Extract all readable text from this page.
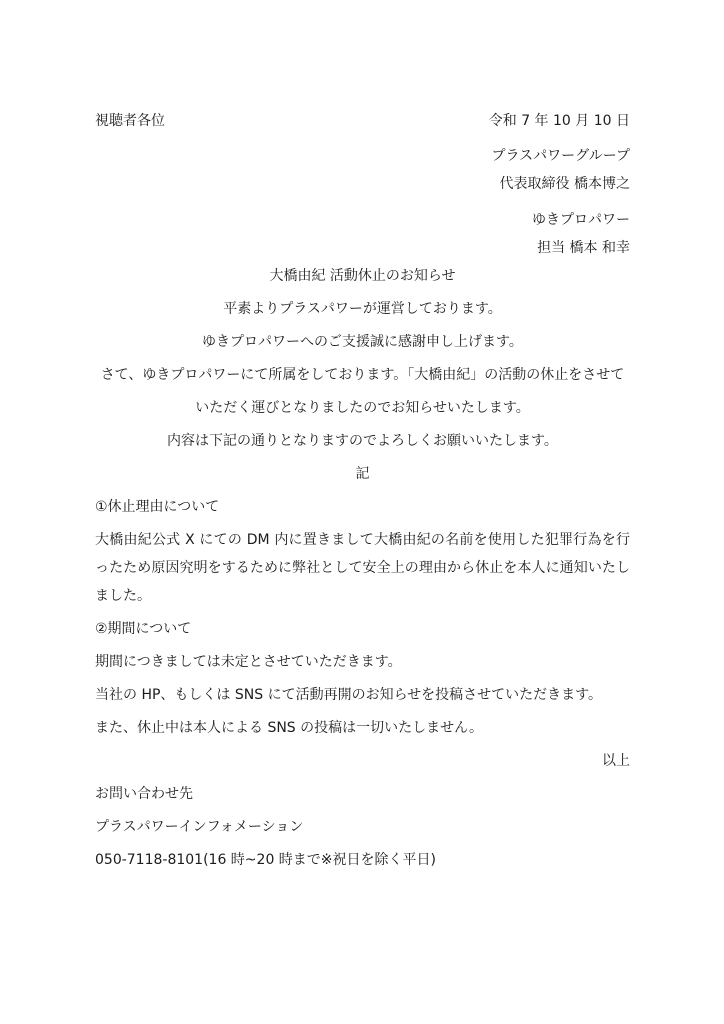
視聴者各位	令和 7 年 10 月 10 日
プラスパワーグループ
代表取締役 橋本博之
ゆきプロパワー
担当 橋本 和幸
大橋由紀 活動休止のお知らせ
平素よりプラスパワーが運営しております。
ゆきプロパワーへのご支援誠に感謝申し上げます。
さて、ゆきプロパワーにて所属をしております。「大橋由紀」の活動の休止をさせて
いただく運びとなりましたのでお知らせいたします。
内容は下記の通りとなりますのでよろしくお願いいたします。
記
①休止理由について
大橋由紀公式 X にての DM 内に置きまして大橋由紀の名前を使用した犯罪行為を行ったため原因究明をするために弊社として安全上の理由から休止を本人に通知いたしました。
②期間について
期間につきましては未定とさせていただきます。
当社の HP、もしくは SNS にて活動再開のお知らせを投稿させていただきます。
また、休止中は本人による SNS の投稿は一切いたしません。
以上
お問い合わせ先
プラスパワーインフォメーション
050-7118-8101(16 時~20 時まで※祝日を除く平日)
